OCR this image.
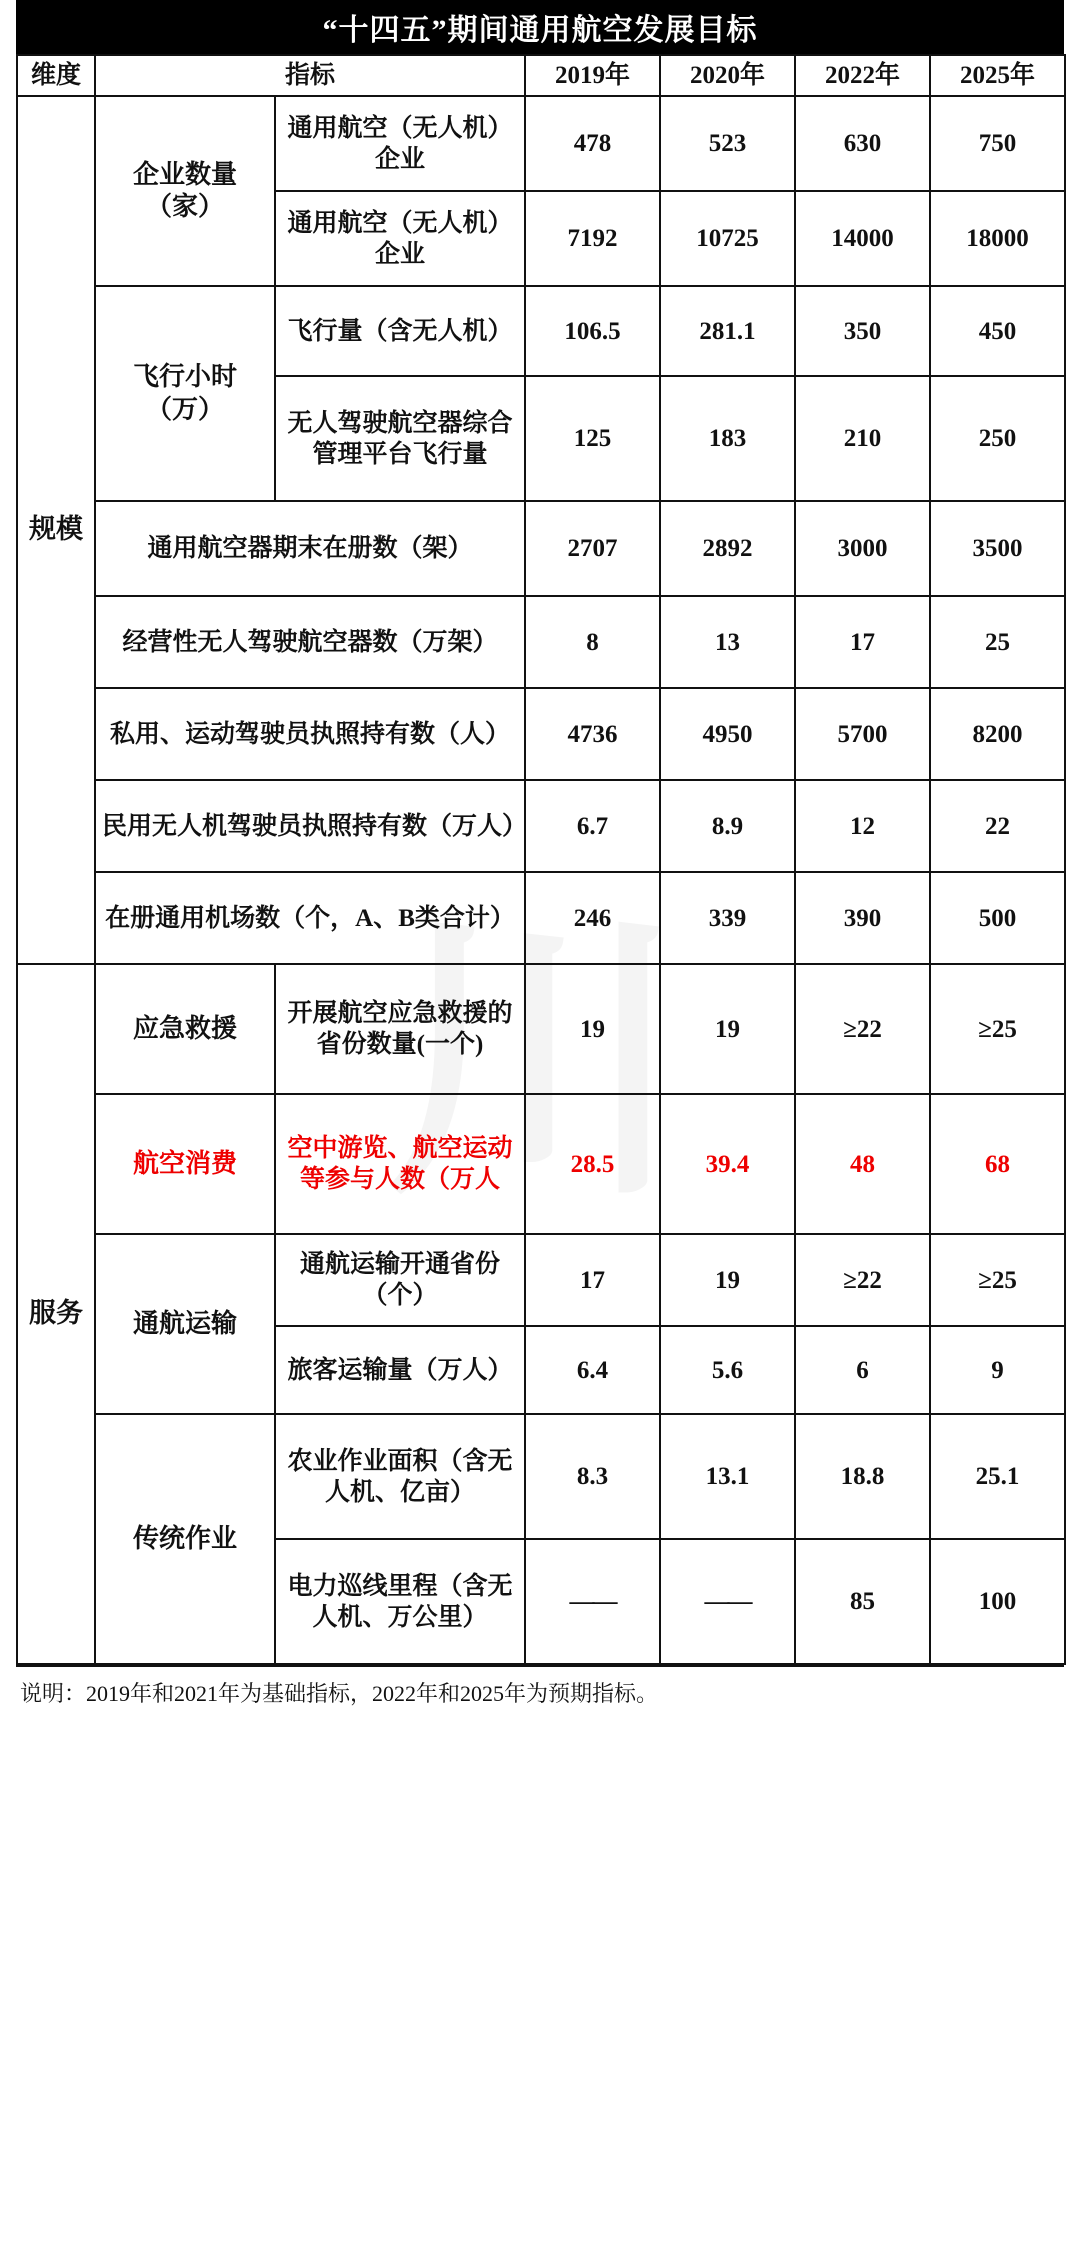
“十四五”期间通用航空发展目标
维度	指标		2019年	2020年	2022年	2025年
规模	企业数量（家）	通用航空（无人机）企业	478	523	630	750

		通用航空（无人机）企业	7192	10725	14000	18000

	飞行小时（万）	飞行量（含无人机）	106.5	281.1	350	450

		无人驾驶航空器综合管理平台飞行量	125	183	210	250

	通用航空器期末在册数（架）		2707	2892	3000	3500

	经营性无人驾驶航空器数（万架）		8	13	17	25

	私用、运动驾驶员执照持有数（人）		4736	4950	5700	8200

	民用无人机驾驶员执照持有数（万人）		6.7	8.9	12	22

	在册通用机场数（个，A、B类合计）		246	339	390	500

服务	应急救援	开展航空应急救援的省份数量(一个)	19	19	≥22	≥25

	航空消费	空中游览、航空运动等参与人数（万人	28.5	39.4	48	68

	通航运输	通航运输开通省份（个）	17	19	≥22	≥25

		旅客运输量（万人）	6.4	5.6	6	9

	传统作业	农业作业面积（含无人机、亿亩）	8.3	13.1	18.8	25.1

		电力巡线里程（含无人机、万公里）	——	——	85	100

说明：2019年和2021年为基础指标，2022年和2025年为预期指标。
